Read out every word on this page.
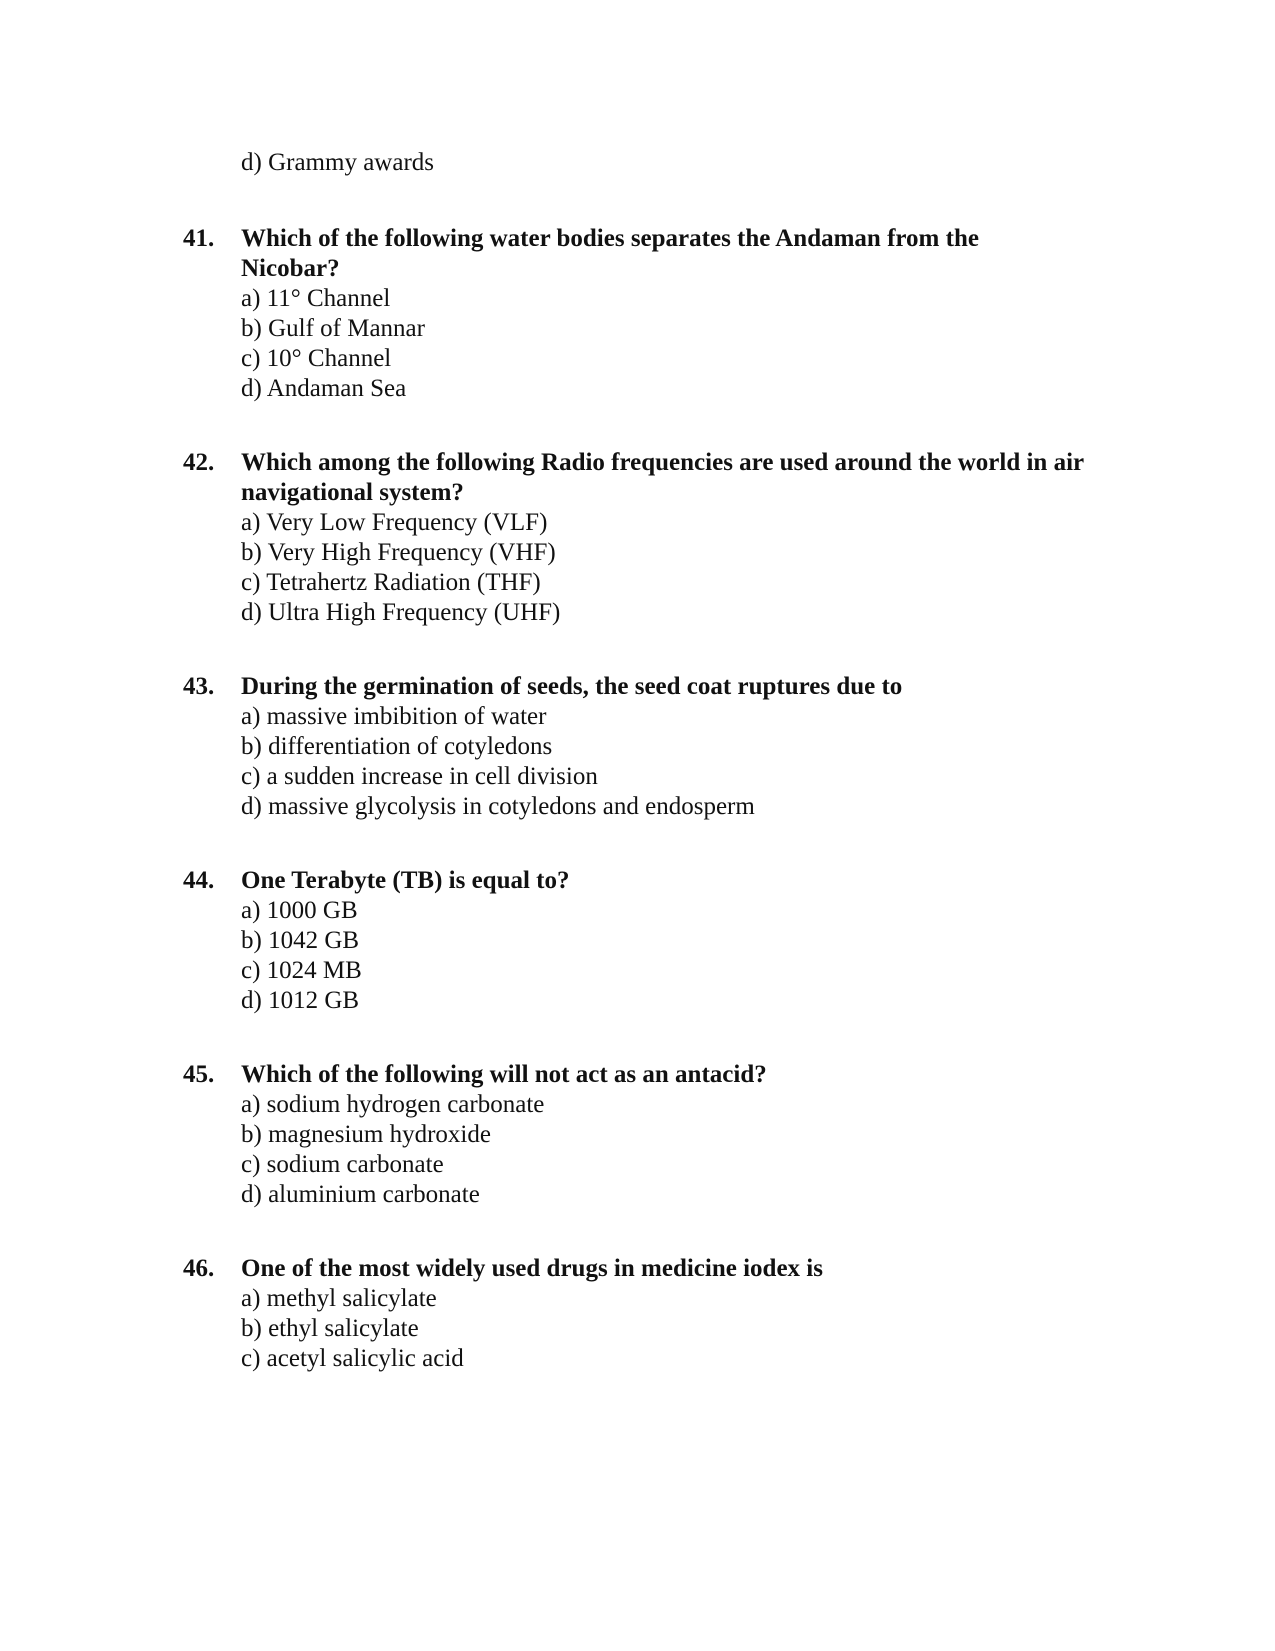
d) Grammy awards
41. Which of the following water bodies separates the Andaman from the Nicobar?
a) 11° Channel
b) Gulf of Mannar
c) 10° Channel
d) Andaman Sea
42. Which among the following Radio frequencies are used around the world in air navigational system?
a) Very Low Frequency (VLF)
b) Very High Frequency (VHF)
c) Tetrahertz Radiation (THF)
d) Ultra High Frequency (UHF)
43. During the germination of seeds, the seed coat ruptures due to
a) massive imbibition of water
b) differentiation of cotyledons
c) a sudden increase in cell division
d) massive glycolysis in cotyledons and endosperm
44. One Terabyte (TB) is equal to?
a) 1000 GB
b) 1042 GB
c) 1024 MB
d) 1012 GB
45. Which of the following will not act as an antacid?
a) sodium hydrogen carbonate
b) magnesium hydroxide
c) sodium carbonate
d) aluminium carbonate
46. One of the most widely used drugs in medicine iodex is
a) methyl salicylate
b) ethyl salicylate
c) acetyl salicylic acid
